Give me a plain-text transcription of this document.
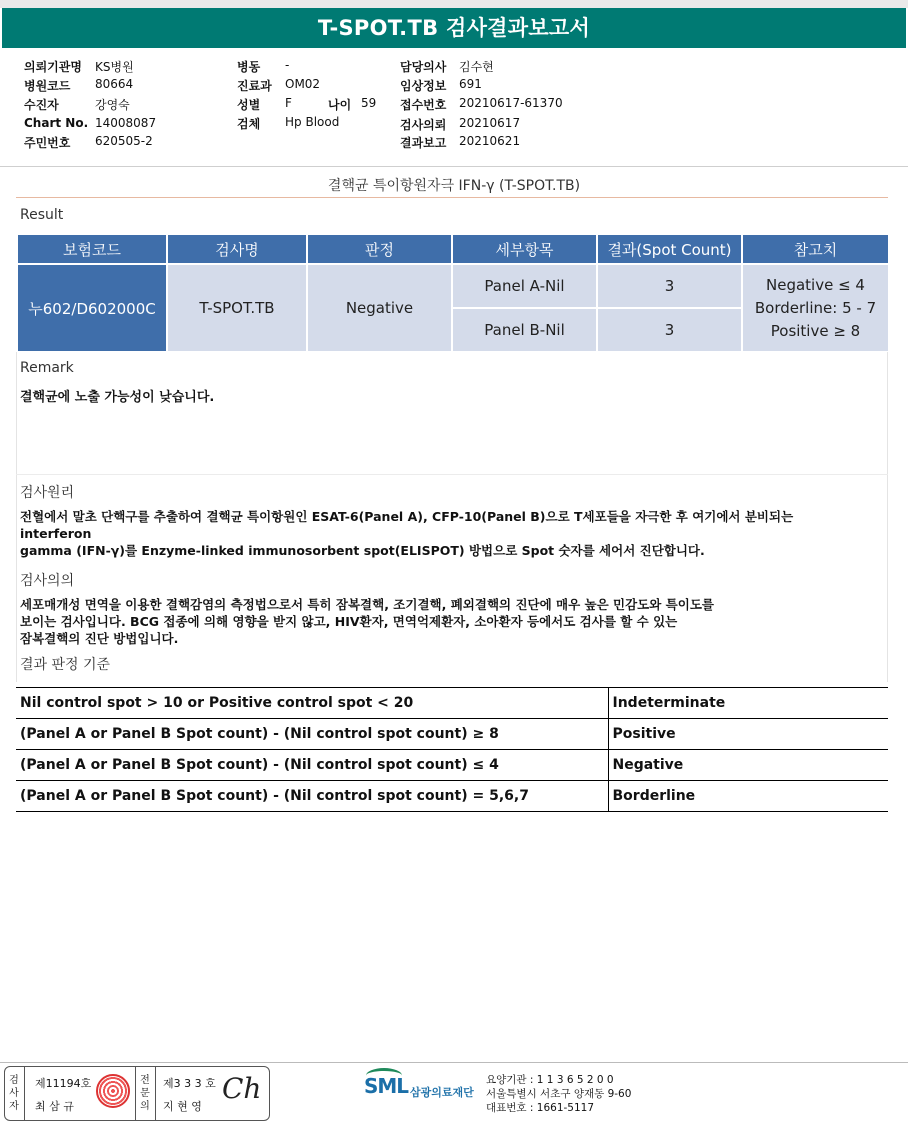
T-SPOT.TB 검사결과보고서
의뢰기관명 KS병원
병원코드 80664
수진자	강영숙
Chart No. 14008087
주민번호 620505-2
병동 -
진료과 OM02
성별 F	나이 59
검체 Hp Blood
담당의사 김수현
임상정보 691
접수번호 20210617-61370
검사의뢰 20210617
결과보고 20210621
결핵균 특이항원자극 IFN-γ (T-SPOT.TB)
Result
보험코드	검사명	판정	세부항목	결과(Spot Count)	참고치
누602/D602000C	T-SPOT.TB	Negative	Panel A-Nil	3	Negative ≤ 4
Borderline: 5 - 7
Positive ≥ 8

			Panel B-Nil	3	
Remark
결핵균에 노출 가능성이 낮습니다.
검사원리
전혈에서 말초 단핵구를 추출하여 결핵균 특이항원인 ESAT-6(Panel A), CFP-10(Panel B)으로 T세포들을 자극한 후 여기에서 분비되는
interferon
gamma (IFN-γ)를 Enzyme-linked immunosorbent spot(ELISPOT) 방법으로 Spot 숫자를 세어서 진단합니다.
검사의의
세포매개성 면역을 이용한 결핵감염의 측정법으로서 특히 잠복결핵, 조기결핵, 폐외결핵의 진단에 매우 높은 민감도와 특이도를
보이는 검사입니다. BCG 접종에 의해 영향을 받지 않고, HIV환자, 면역억제환자, 소아환자 등에서도 검사를 할 수 있는
잠복결핵의 진단 방법입니다.
결과 판정 기준
Nil control spot > 10 or Positive control spot < 20	Indeterminate
(Panel A or Panel B Spot count) - (Nil control spot count) ≥ 8	Positive
(Panel A or Panel B Spot count) - (Nil control spot count) ≤ 4	Negative
(Panel A or Panel B Spot count) - (Nil control spot count) = 5,6,7	Borderline
검
사
자
제11194호
최 삼 규
전
문
의
제3 3 3 호
지 현 영
Ch	SML 삼광의료재단
요양기관 : 1 1 3 6 5 2 0 0
서울특별시 서초구 양재동 9-60
대표번호 : 1661-5117
